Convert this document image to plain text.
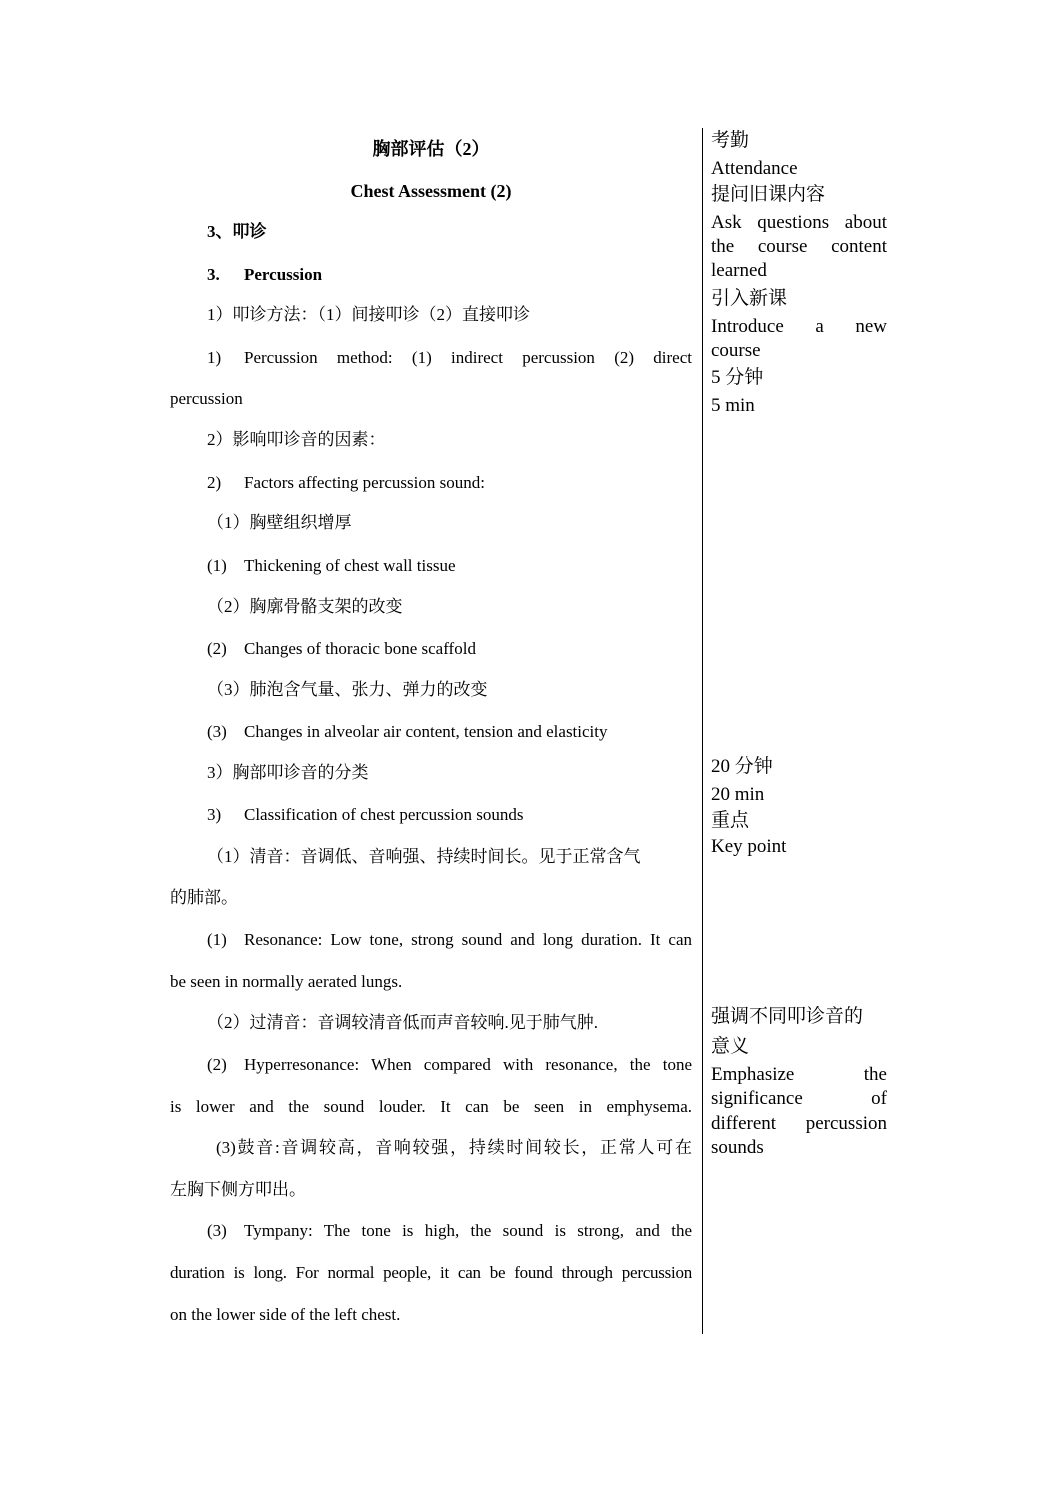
胸部评估（2）
Chest Assessment (2)
3、叩诊
3. Percussion
1）叩诊方法：（1）间接叩诊（2）直接叩诊
1) Percussion method: (1) indirect percussion (2) direct
percussion
2）影响叩诊音的因素：
2) Factors affecting percussion sound:
（1）胸壁组织增厚
(1) Thickening of chest wall tissue
（2）胸廓骨骼支架的改变
(2) Changes of thoracic bone scaffold
（3）肺泡含气量、张力、弹力的改变
(3) Changes in alveolar air content, tension and elasticity
3）胸部叩诊音的分类
3) Classification of chest percussion sounds
（1）清音：音调低、音响强、持续时间长。见于正常含气
的肺部。
(1) Resonance: Low tone, strong sound and long duration. It can
be seen in normally aerated lungs.
（2）过清音：音调较清音低而声音较响.见于肺气肿.
(2) Hyperresonance: When compared with resonance, the tone
is lower and the sound louder. It can be seen in emphysema.
(3)鼓音:音调较高，音响较强，持续时间较长，正常人可在
左胸下侧方叩出。
(3) Tympany: The tone is high, the sound is strong, and the
duration is long. For normal people, it can be found through percussion
on the lower side of the left chest.
考勤
Attendance
提问旧课内容
Ask questions about
the course content
learned
引入新课
Introduce a new
course
5 分钟
5 min
20 分钟
20 min
重点
Key point
强调不同叩诊音的
意义
Emphasize the
significance of
different percussion
sounds
